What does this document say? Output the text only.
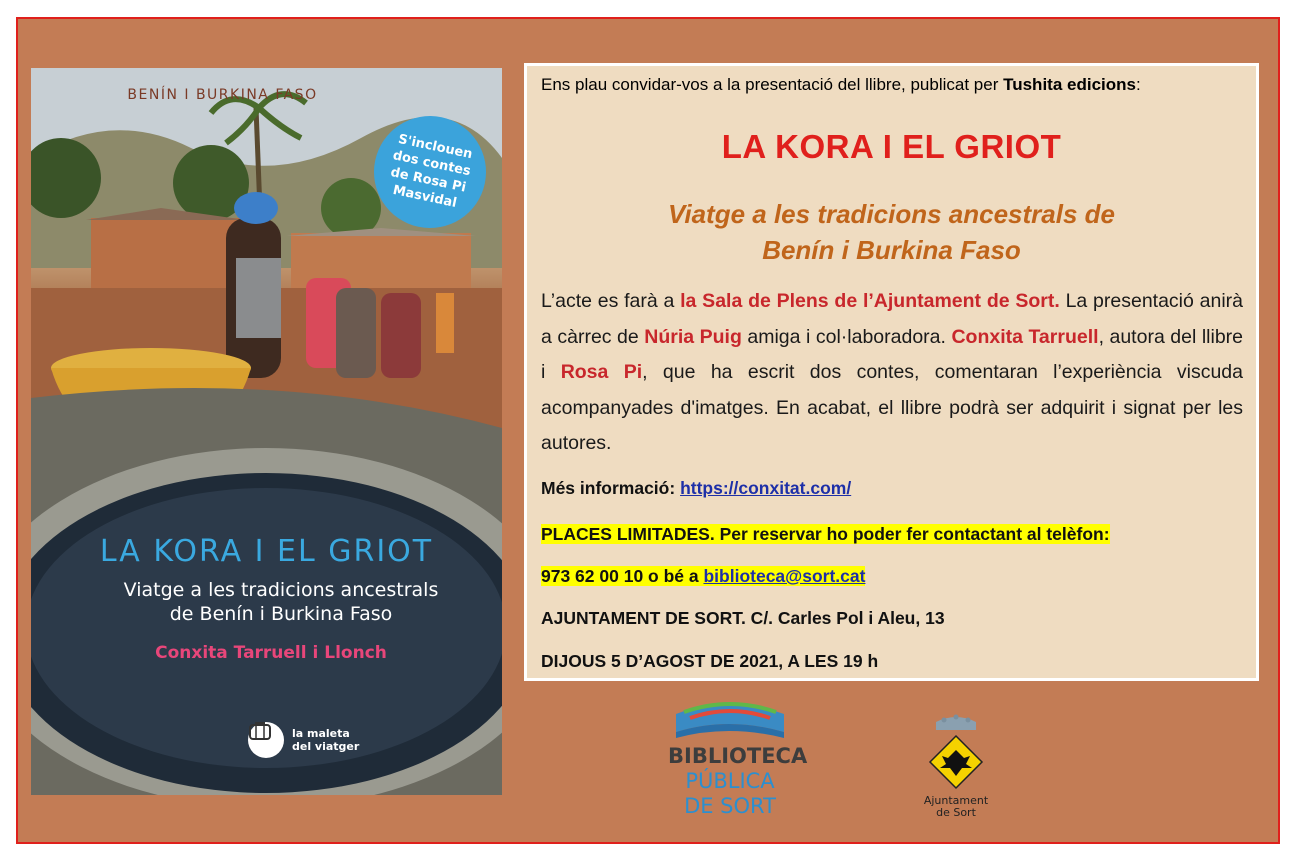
BENÍN I BURKINA FASO
S'inclouen dos contes de Rosa Pi Masvidal
LA KORA I EL GRIOT
Viatge a les tradicions ancestrals
de Benín i Burkina Faso
Conxita Tarruell i Llonch
la maleta
del viatger
Ens plau convidar-vos a la presentació del llibre, publicat per Tushita edicions:
LA KORA I EL GRIOT
Viatge a les tradicions ancestrals de
Benín i Burkina Faso
L’acte es farà a la Sala de Plens de l’Ajuntament de Sort. La presentació anirà a càrrec de Núria Puig amiga i col·laboradora. Conxita Tarruell, autora del llibre i Rosa Pi, que ha escrit dos contes, comentaran l’experiència viscuda acompanyades d'imatges. En acabat, el llibre podrà ser adquirit i signat per les autores.
Més informació: https://conxitat.com/
PLACES LIMITADES. Per reservar ho poder fer contactant al telèfon:
973 62 00 10 o bé a biblioteca@sort.cat
AJUNTAMENT DE SORT. C/. Carles Pol i Aleu, 13
DIJOUS 5 D’AGOST DE 2021, A LES 19 h
BIBLIOTECA
PÚBLICA
DE SORT	Ajuntament
de Sort
